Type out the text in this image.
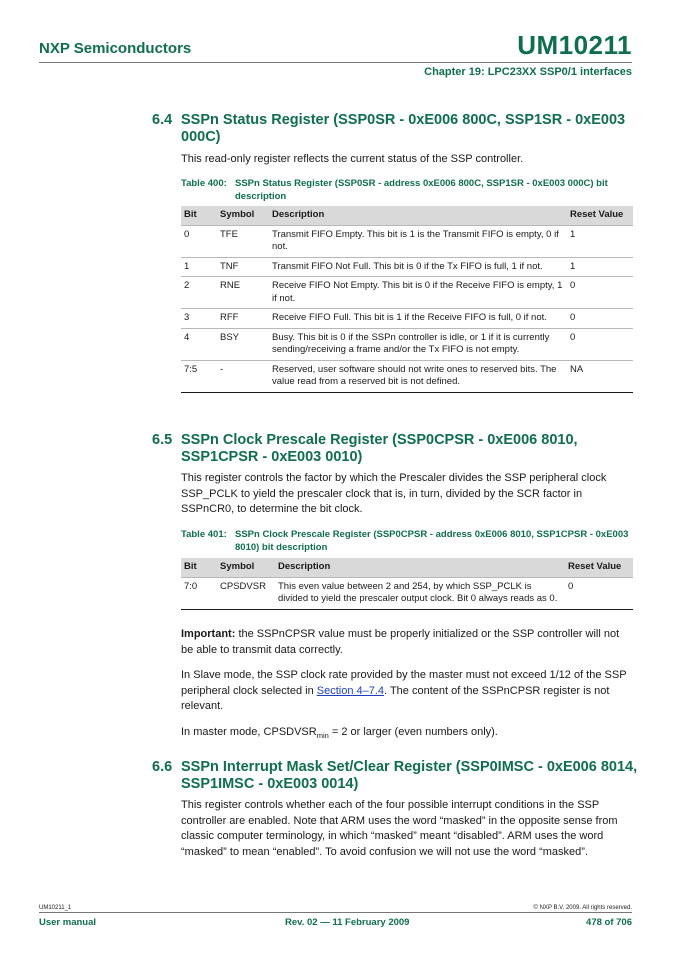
NXP Semiconductors	UM10211
Chapter 19: LPC23XX SSP0/1 interfaces
6.4 SSPn Status Register (SSP0SR - 0xE006 800C, SSP1SR - 0xE003 000C)
This read-only register reflects the current status of the SSP controller.
Table 400: SSPn Status Register (SSP0SR - address 0xE006 800C, SSP1SR - 0xE003 000C) bit description
Bit	Symbol	Description	Reset Value
0	TFE	Transmit FIFO Empty. This bit is 1 is the Transmit FIFO is empty, 0 if not.	1
1	TNF	Transmit FIFO Not Full. This bit is 0 if the Tx FIFO is full, 1 if not.	1
2	RNE	Receive FIFO Not Empty. This bit is 0 if the Receive FIFO is empty, 1 if not.	0
3	RFF	Receive FIFO Full. This bit is 1 if the Receive FIFO is full, 0 if not.	0
4	BSY	Busy. This bit is 0 if the SSPn controller is idle, or 1 if it is currently sending/receiving a frame and/or the Tx FIFO is not empty.	0
7:5	-	Reserved, user software should not write ones to reserved bits. The value read from a reserved bit is not defined.	NA
6.5 SSPn Clock Prescale Register (SSP0CPSR - 0xE006 8010, SSP1CPSR - 0xE003 0010)
This register controls the factor by which the Prescaler divides the SSP peripheral clock SSP_PCLK to yield the prescaler clock that is, in turn, divided by the SCR factor in SSPnCR0, to determine the bit clock.
Table 401: SSPn Clock Prescale Register (SSP0CPSR - address 0xE006 8010, SSP1CPSR - 0xE003 8010) bit description
Bit	Symbol	Description	Reset Value
7:0	CPSDVSR	This even value between 2 and 254, by which SSP_PCLK is divided to yield the prescaler output clock. Bit 0 always reads as 0.	0

Important: the SSPnCPSR value must be properly initialized or the SSP controller will not be able to transmit data correctly.

In Slave mode, the SSP clock rate provided by the master must not exceed 1/12 of the SSP peripheral clock selected in Section 4–7.4. The content of the SSPnCPSR register is not relevant.

In master mode, $CPSDVSR_{min} = 2$ or larger (even numbers only).

6.6 SSPn Interrupt Mask Set/Clear Register (SSP0IMSC - 0xE006 8014, SSP1IMSC - 0xE003 0014)
This register controls whether each of the four possible interrupt conditions in the SSP controller are enabled. Note that ARM uses the word “masked” in the opposite sense from classic computer terminology, in which “masked” meant “disabled”. ARM uses the word “masked” to mean “enabled”. To avoid confusion we will not use the word “masked”.
UM10211_1	© NXP B.V. 2009. All rights reserved.
User manual	Rev. 02 — 11 February 2009	478 of 706
